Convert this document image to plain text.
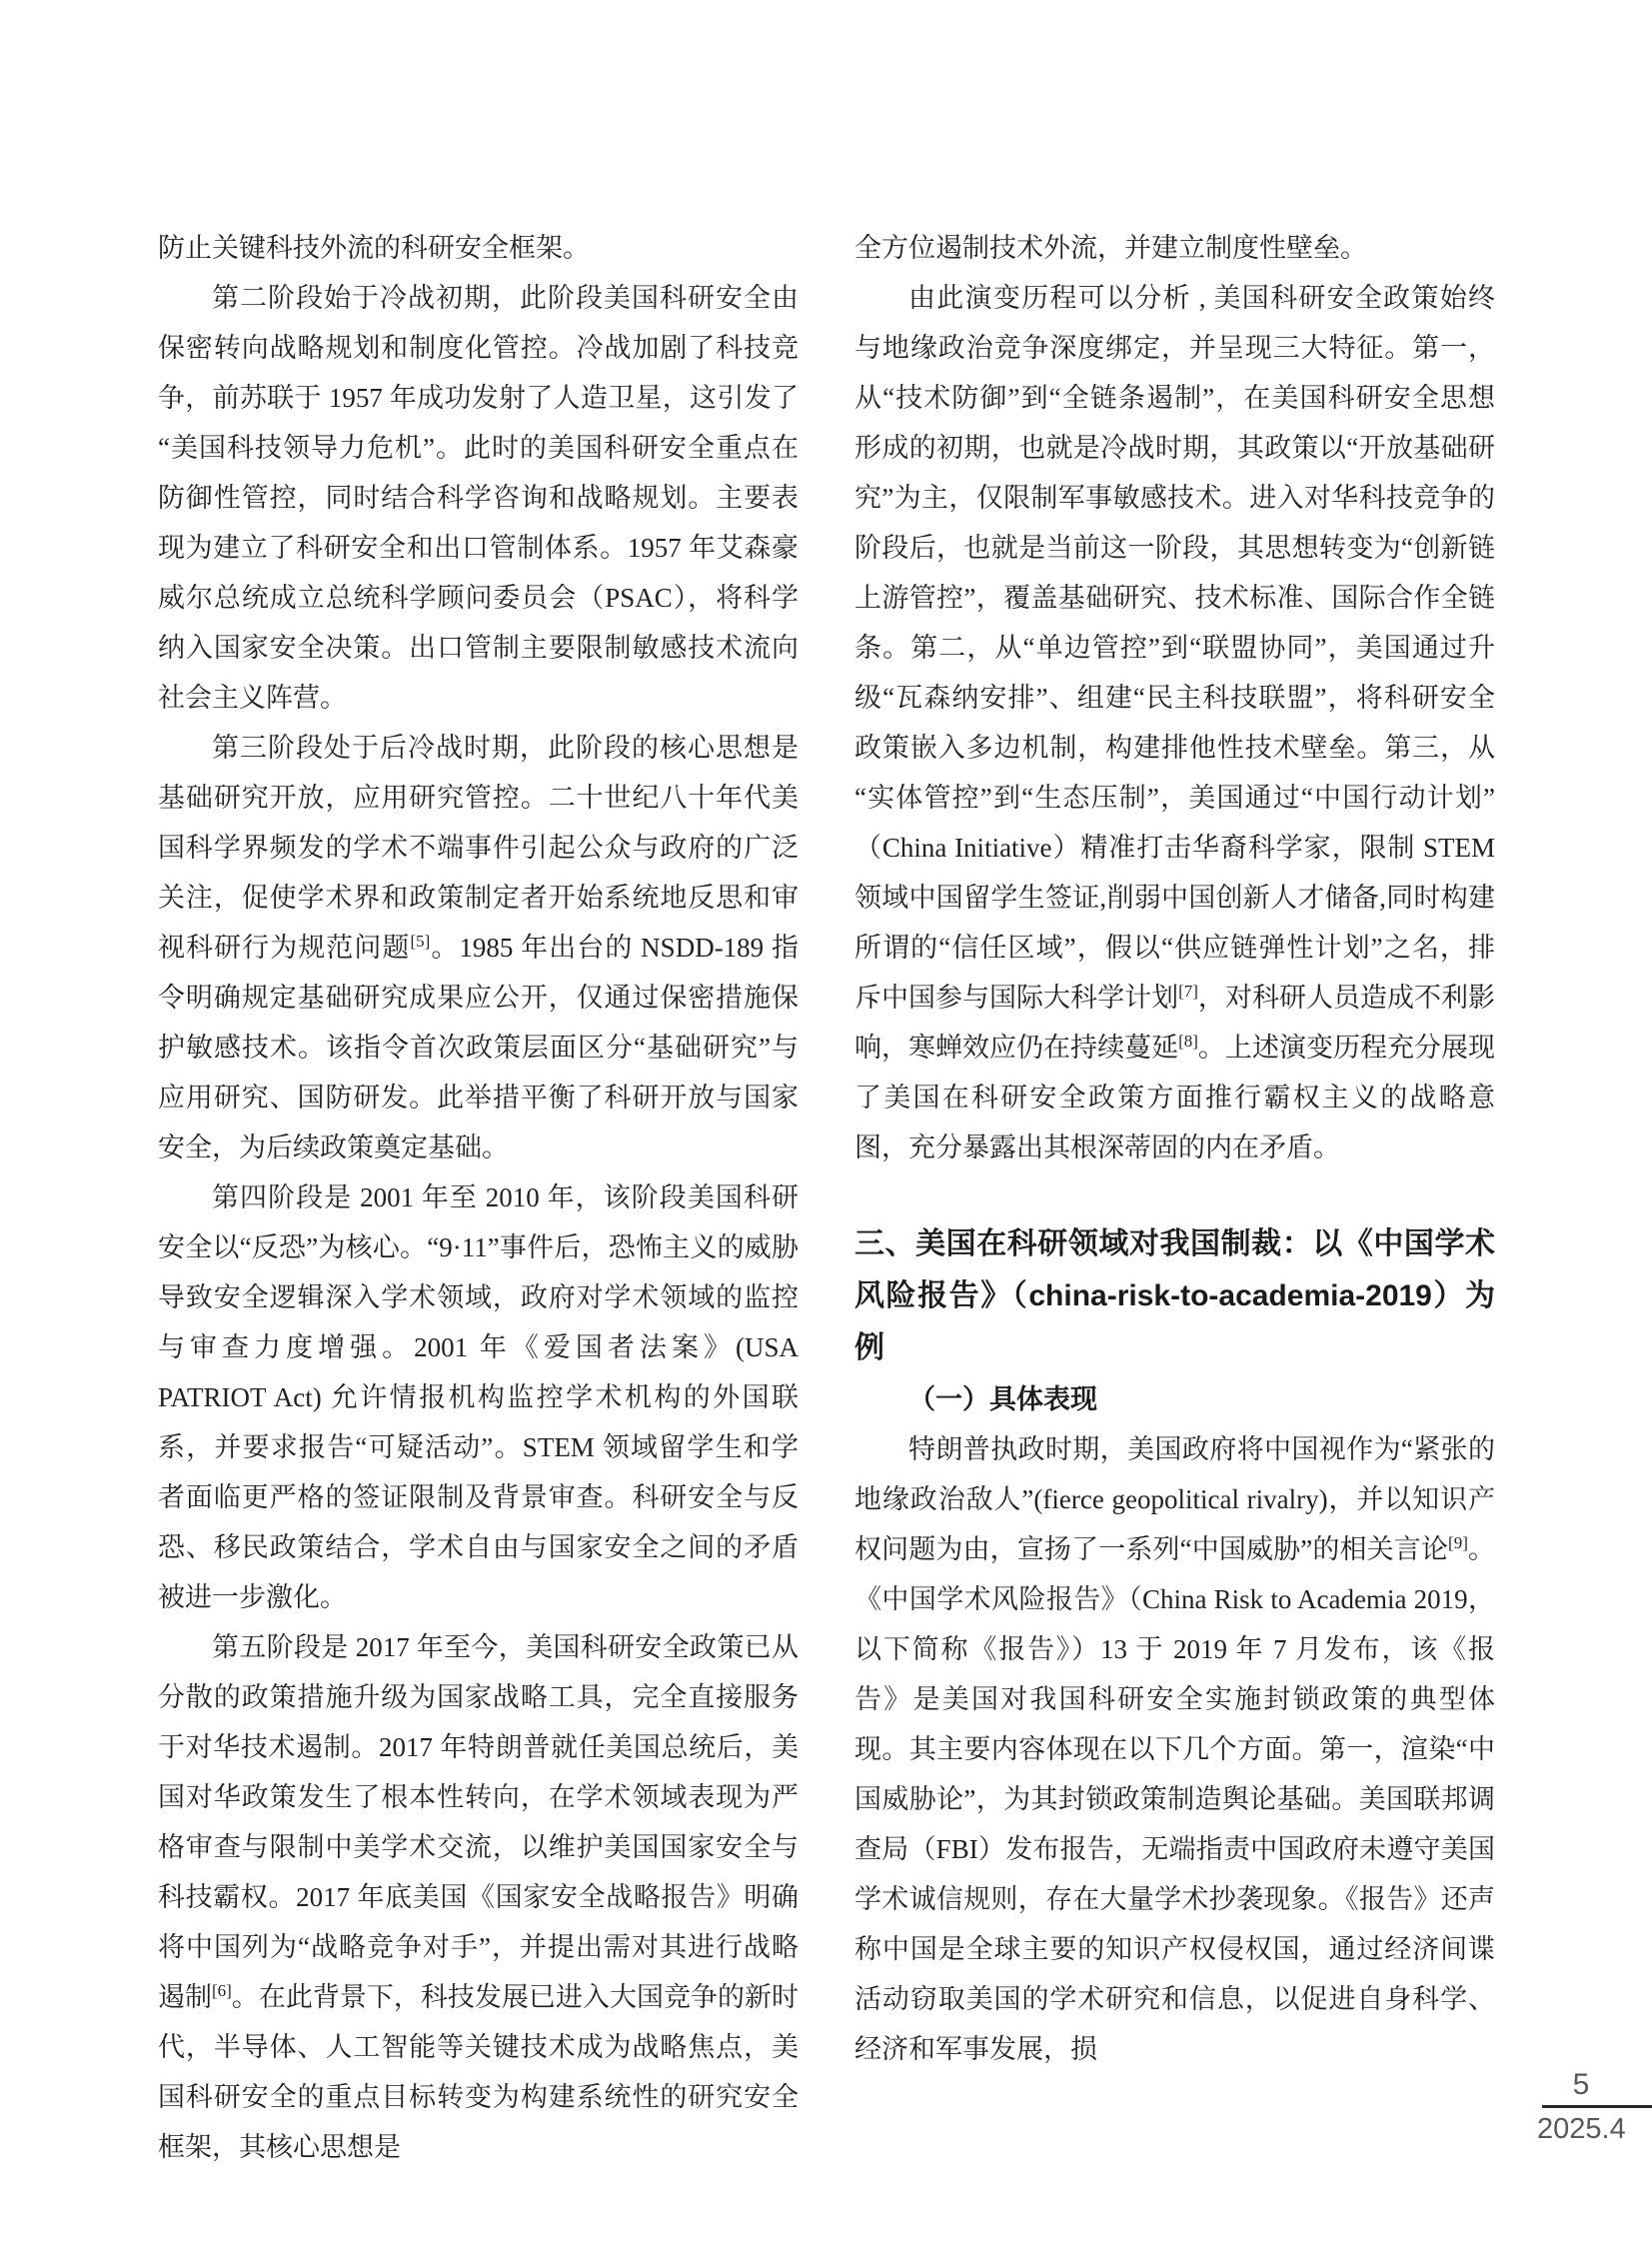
防止关键科技外流的科研安全框架。

第二阶段始于冷战初期，此阶段美国科研安全由保密转向战略规划和制度化管控。冷战加剧了科技竞争，前苏联于 1957 年成功发射了人造卫星，这引发了“美国科技领导力危机”。此时的美国科研安全重点在防御性管控，同时结合科学咨询和战略规划。主要表现为建立了科研安全和出口管制体系。1957 年艾森豪威尔总统成立总统科学顾问委员会（PSAC），将科学纳入国家安全决策。出口管制主要限制敏感技术流向社会主义阵营。

第三阶段处于后冷战时期，此阶段的核心思想是基础研究开放，应用研究管控。二十世纪八十年代美国科学界频发的学术不端事件引起公众与政府的广泛关注，促使学术界和政策制定者开始系统地反思和审视科研行为规范问题[5]。1985 年出台的 NSDD-189 指令明确规定基础研究成果应公开，仅通过保密措施保护敏感技术。该指令首次政策层面区分“基础研究”与应用研究、国防研发。此举措平衡了科研开放与国家安全，为后续政策奠定基础。

第四阶段是 2001 年至 2010 年，该阶段美国科研安全以“反恐”为核心。“9·11”事件后，恐怖主义的威胁导致安全逻辑深入学术领域，政府对学术领域的监控与审查力度增强。2001 年《爱国者法案》(USA PATRIOT Act) 允许情报机构监控学术机构的外国联系，并要求报告“可疑活动”。STEM 领域留学生和学者面临更严格的签证限制及背景审查。科研安全与反恐、移民政策结合，学术自由与国家安全之间的矛盾被进一步激化。

第五阶段是 2017 年至今，美国科研安全政策已从分散的政策措施升级为国家战略工具，完全直接服务于对华技术遏制。2017 年特朗普就任美国总统后，美国对华政策发生了根本性转向，在学术领域表现为严格审查与限制中美学术交流，以维护美国国家安全与科技霸权。2017 年底美国《国家安全战略报告》明确将中国列为“战略竞争对手”，并提出需对其进行战略遏制[6]。在此背景下，科技发展已进入大国竞争的新时代，半导体、人工智能等关键技术成为战略焦点，美国科研安全的重点目标转变为构建系统性的研究安全框架，其核心思想是

全方位遏制技术外流，并建立制度性壁垒。

由此演变历程可以分析 , 美国科研安全政策始终与地缘政治竞争深度绑定，并呈现三大特征。第一，从“技术防御”到“全链条遏制”，在美国科研安全思想形成的初期，也就是冷战时期，其政策以“开放基础研究”为主，仅限制军事敏感技术。进入对华科技竞争的阶段后，也就是当前这一阶段，其思想转变为“创新链上游管控”，覆盖基础研究、技术标准、国际合作全链条。第二，从“单边管控”到“联盟协同”，美国通过升级“瓦森纳安排”、组建“民主科技联盟”，将科研安全政策嵌入多边机制，构建排他性技术壁垒。第三，从“实体管控”到“生态压制”，美国通过“中国行动计划”（China Initiative）精准打击华裔科学家，限制 STEM 领域中国留学生签证,削弱中国创新人才储备,同时构建所谓的“信任区域”，假以“供应链弹性计划”之名，排斥中国参与国际大科学计划[7]，对科研人员造成不利影响，寒蝉效应仍在持续蔓延[8]。上述演变历程充分展现了美国在科研安全政策方面推行霸权主义的战略意图，充分暴露出其根深蒂固的内在矛盾。

三、美国在科研领域对我国制裁：以《中国学术风险报告》（china-risk-to-academia-2019）为例
（一）具体表现

特朗普执政时期，美国政府将中国视作为“紧张的地缘政治敌人”(fierce geopolitical rivalry)，并以知识产权问题为由，宣扬了一系列“中国威胁”的相关言论[9]。《中国学术风险报告》（China Risk to Academia 2019，以下简称《报告》）13 于 2019 年 7 月发布，该《报告》是美国对我国科研安全实施封锁政策的典型体现。其主要内容体现在以下几个方面。第一，渲染“中国威胁论”，为其封锁政策制造舆论基础。美国联邦调查局（FBI）发布报告，无端指责中国政府未遵守美国学术诚信规则，存在大量学术抄袭现象。《报告》还声称中国是全球主要的知识产权侵权国，通过经济间谍活动窃取美国的学术研究和信息，以促进自身科学、经济和军事发展，损

5
2025.4
